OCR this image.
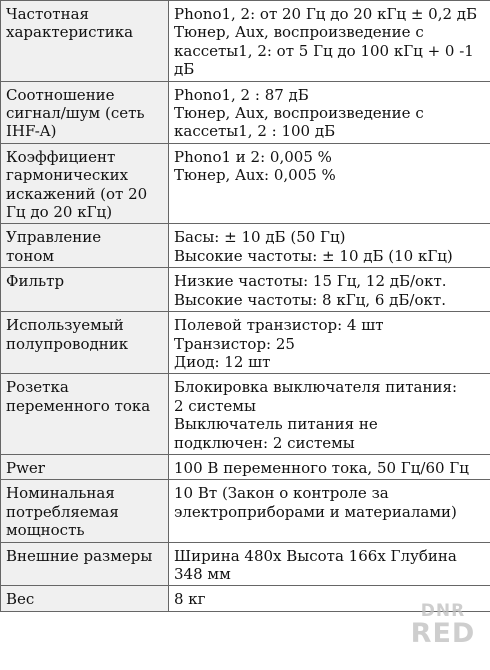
Частотная
характеристика	Phono1, 2: от 20 Гц до 20 кГц ± 0,2 дБ
Тюнер, Aux, воспроизведение с
кассеты1, 2: от 5 Гц до 100 кГц + 0 -1
дБ

Соотношение
сигнал/шум (сеть
IHF-A)	Phono1, 2 : 87 дБ
Тюнер, Aux, воспроизведение с
кассеты1, 2 : 100 дБ

Коэффициент
гармонических
искажений (от 20
Гц до 20 кГц)	Phono1 и 2: 0,005 %
Тюнер, Aux: 0,005 %

Управление
тоном	Басы: ± 10 дБ (50 Гц)
Высокие частоты: ± 10 дБ (10 кГц)

Фильтр	Низкие частоты: 15 Гц, 12 дБ/окт.
Высокие частоты: 8 кГц, 6 дБ/окт.

Используемый
полупроводник	Полевой транзистор: 4 шт
Транзистор: 25
Диод: 12 шт

Розетка
переменного тока	Блокировка выключателя питания:
2 системы
Выключатель питания не
подключен: 2 системы

Pwer	100 В переменного тока, 50 Гц/60 Гц

Номинальная
потребляемая
мощность	10 Вт (Закон о контроле за
электроприборами и материалами)

Внешние размеры	Ширина 480x Высота 166x Глубина
348 мм

Вес	8 кг
DNR
RED
